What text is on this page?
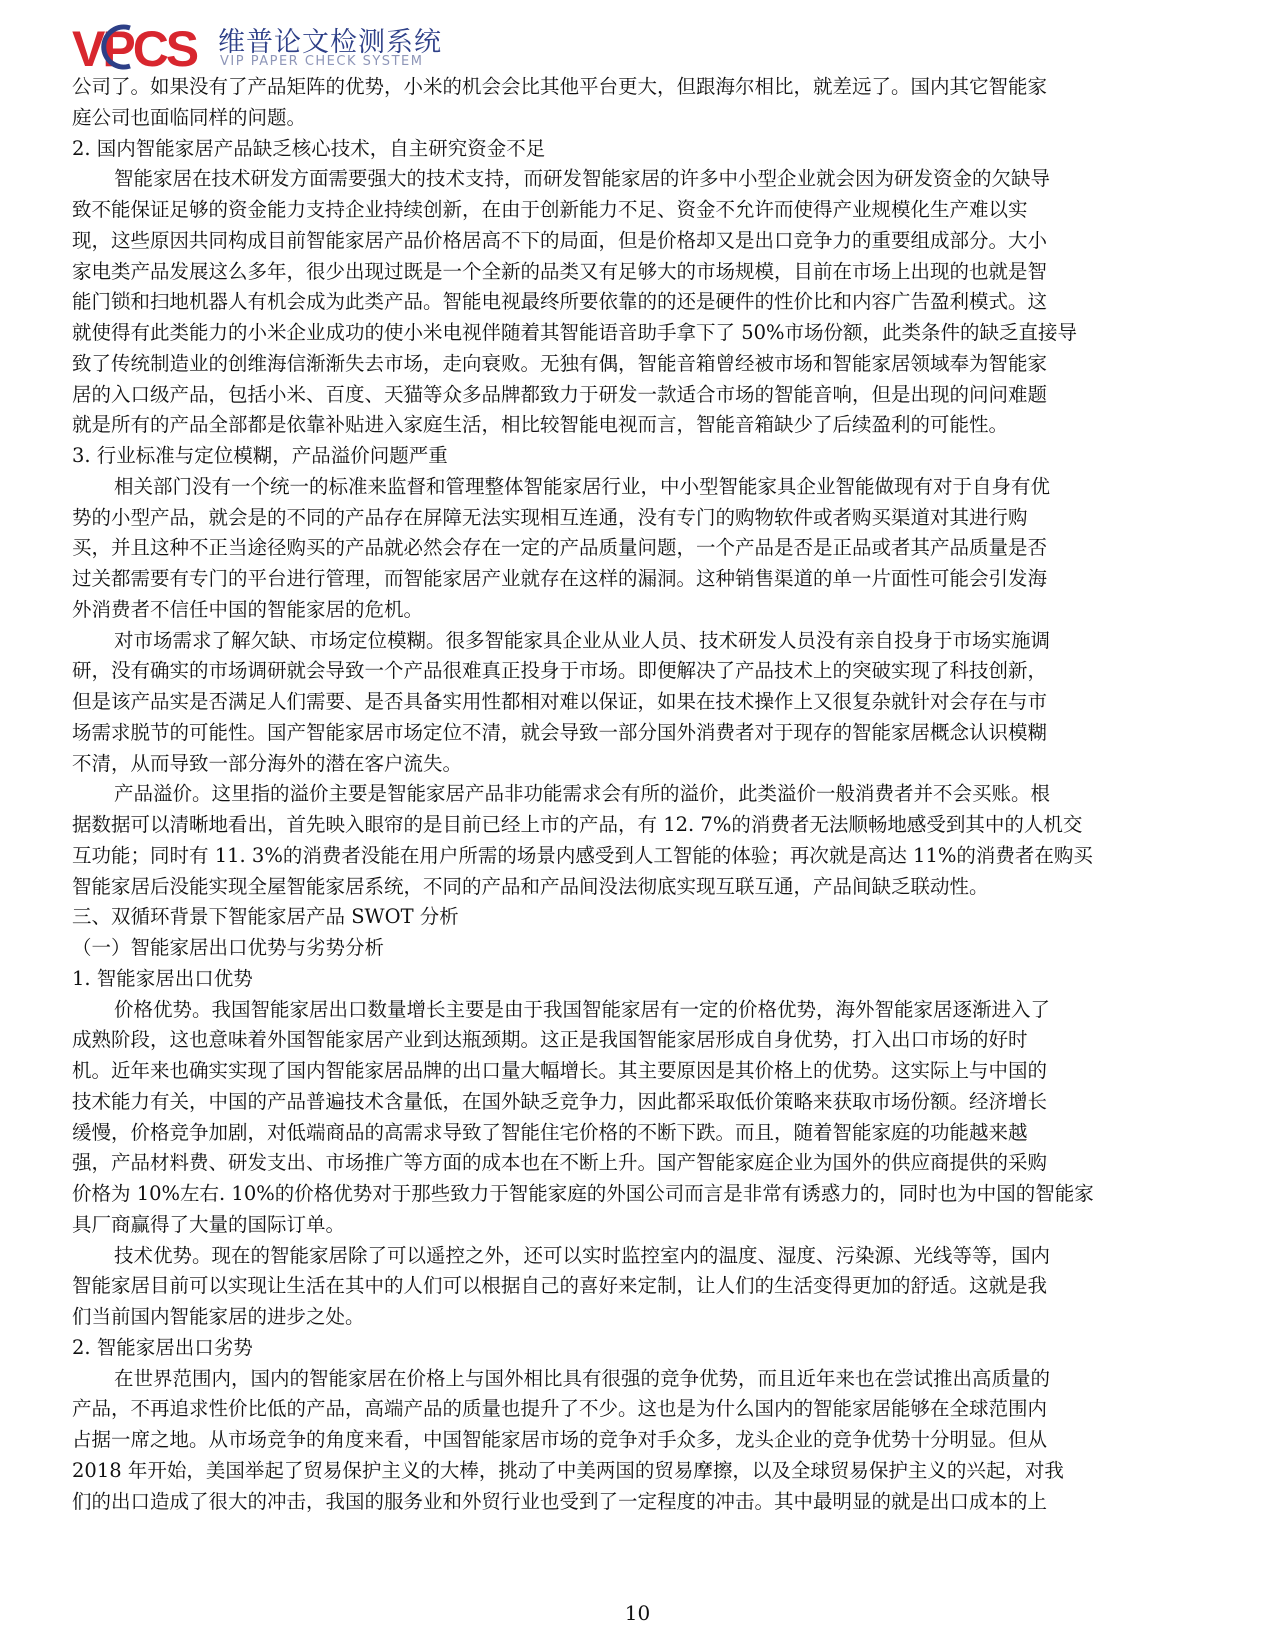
VPCS 维普论文检测系统
VIP PAPER CHECK SYSTEM
公司了。如果没有了产品矩阵的优势，小米的机会会比其他平台更大，但跟海尔相比，就差远了。国内其它智能家
庭公司也面临同样的问题。
2. 国内智能家居产品缺乏核心技术，自主研究资金不足
智能家居在技术研发方面需要强大的技术支持，而研发智能家居的许多中小型企业就会因为研发资金的欠缺导
致不能保证足够的资金能力支持企业持续创新，在由于创新能力不足、资金不允许而使得产业规模化生产难以实
现，这些原因共同构成目前智能家居产品价格居高不下的局面，但是价格却又是出口竞争力的重要组成部分。大小
家电类产品发展这么多年，很少出现过既是一个全新的品类又有足够大的市场规模，目前在市场上出现的也就是智
能门锁和扫地机器人有机会成为此类产品。智能电视最终所要依靠的的还是硬件的性价比和内容广告盈利模式。这
就使得有此类能力的小米企业成功的使小米电视伴随着其智能语音助手拿下了 50%市场份额，此类条件的缺乏直接导
致了传统制造业的创维海信渐渐失去市场，走向衰败。无独有偶，智能音箱曾经被市场和智能家居领域奉为智能家
居的入口级产品，包括小米、百度、天猫等众多品牌都致力于研发一款适合市场的智能音响，但是出现的问问难题
就是所有的产品全部都是依靠补贴进入家庭生活，相比较智能电视而言，智能音箱缺少了后续盈利的可能性。
3. 行业标准与定位模糊，产品溢价问题严重
相关部门没有一个统一的标准来监督和管理整体智能家居行业，中小型智能家具企业智能做现有对于自身有优
势的小型产品，就会是的不同的产品存在屏障无法实现相互连通，没有专门的购物软件或者购买渠道对其进行购
买，并且这种不正当途径购买的产品就必然会存在一定的产品质量问题，一个产品是否是正品或者其产品质量是否
过关都需要有专门的平台进行管理，而智能家居产业就存在这样的漏洞。这种销售渠道的单一片面性可能会引发海
外消费者不信任中国的智能家居的危机。
对市场需求了解欠缺、市场定位模糊。很多智能家具企业从业人员、技术研发人员没有亲自投身于市场实施调
研，没有确实的市场调研就会导致一个产品很难真正投身于市场。即便解决了产品技术上的突破实现了科技创新，
但是该产品实是否满足人们需要、是否具备实用性都相对难以保证，如果在技术操作上又很复杂就针对会存在与市
场需求脱节的可能性。国产智能家居市场定位不清，就会导致一部分国外消费者对于现存的智能家居概念认识模糊
不清，从而导致一部分海外的潜在客户流失。
产品溢价。这里指的溢价主要是智能家居产品非功能需求会有所的溢价，此类溢价一般消费者并不会买账。根
据数据可以清晰地看出，首先映入眼帘的是目前已经上市的产品，有 12. 7%的消费者无法顺畅地感受到其中的人机交
互功能；同时有 11. 3%的消费者没能在用户所需的场景内感受到人工智能的体验；再次就是高达 11%的消费者在购买
智能家居后没能实现全屋智能家居系统，不同的产品和产品间没法彻底实现互联互通，产品间缺乏联动性。
三、双循环背景下智能家居产品 SWOT 分析
（一）智能家居出口优势与劣势分析
1. 智能家居出口优势
价格优势。我国智能家居出口数量增长主要是由于我国智能家居有一定的价格优势，海外智能家居逐渐进入了
成熟阶段，这也意味着外国智能家居产业到达瓶颈期。这正是我国智能家居形成自身优势，打入出口市场的好时
机。近年来也确实实现了国内智能家居品牌的出口量大幅增长。其主要原因是其价格上的优势。这实际上与中国的
技术能力有关，中国的产品普遍技术含量低，在国外缺乏竞争力，因此都采取低价策略来获取市场份额。经济增长
缓慢，价格竞争加剧，对低端商品的高需求导致了智能住宅价格的不断下跌。而且，随着智能家庭的功能越来越
强，产品材料费、研发支出、市场推广等方面的成本也在不断上升。国产智能家庭企业为国外的供应商提供的采购
价格为 10%左右. 10%的价格优势对于那些致力于智能家庭的外国公司而言是非常有诱惑力的，同时也为中国的智能家
具厂商赢得了大量的国际订单。
技术优势。现在的智能家居除了可以遥控之外，还可以实时监控室内的温度、湿度、污染源、光线等等，国内
智能家居目前可以实现让生活在其中的人们可以根据自己的喜好来定制，让人们的生活变得更加的舒适。这就是我
们当前国内智能家居的进步之处。
2. 智能家居出口劣势
在世界范围内，国内的智能家居在价格上与国外相比具有很强的竞争优势，而且近年来也在尝试推出高质量的
产品，不再追求性价比低的产品，高端产品的质量也提升了不少。这也是为什么国内的智能家居能够在全球范围内
占据一席之地。从市场竞争的角度来看，中国智能家居市场的竞争对手众多，龙头企业的竞争优势十分明显。但从
2018 年开始，美国举起了贸易保护主义的大棒，挑动了中美两国的贸易摩擦，以及全球贸易保护主义的兴起，对我
们的出口造成了很大的冲击，我国的服务业和外贸行业也受到了一定程度的冲击。其中最明显的就是出口成本的上
10
